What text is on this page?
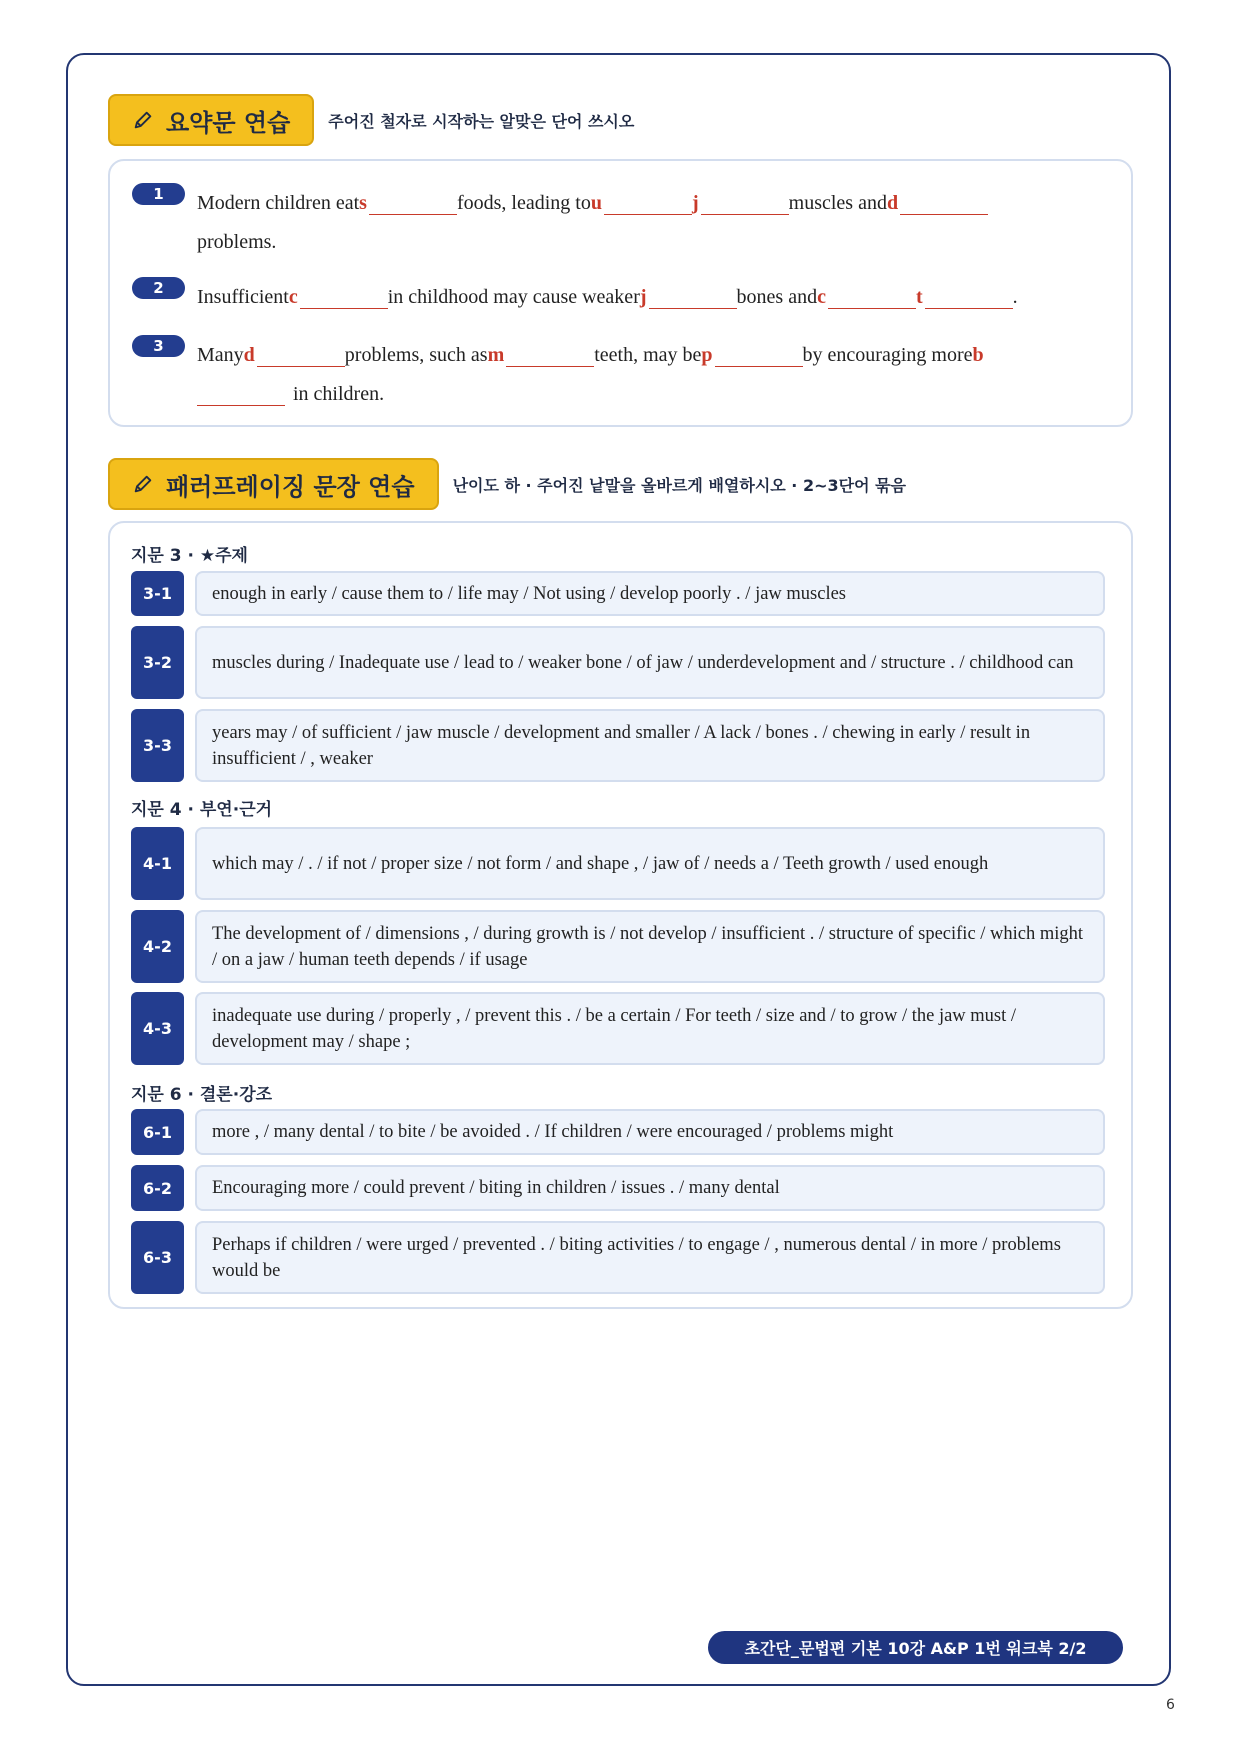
요약문 연습 주어진 철자로 시작하는 알맞은 단어 쓰시오
1	Modern children eat s	foods, leading to u	j	muscles and d
problems.
2	Insufficient c	in childhood may cause weaker j	bones and c	t	.
3	Many d	problems, such as m	teeth, may be p	by encouraging more b
in children.
패러프레이징 문장 연습 난이도 하 · 주어진 낱말을 올바르게 배열하시오 · 2~3단어 묶음
지문 3 · ★주제
3-1	enough in early / cause them to / life may / Not using / develop poorly . / jaw muscles
3-2	muscles during / Inadequate use / lead to / weaker bone / of jaw / underdevelopment and / structure . / childhood can
3-3
years may / of sufficient / jaw muscle / development and smaller / A lack / bones . / chewing in early / result in insufficient / , weaker
지문 4 · 부연·근거
4-1	which may / . / if not / proper size / not form / and shape , / jaw of / needs a / Teeth growth / used enough
4-2
The development of / dimensions , / during growth is / not develop / insufficient . / structure of specific / which might / on a jaw / human teeth depends / if usage
4-3
inadequate use during / properly , / prevent this . / be a certain / For teeth / size and / to grow / the jaw must / development may / shape ;
지문 6 · 결론·강조
6-1	more , / many dental / to bite / be avoided . / If children / were encouraged / problems might
6-2	Encouraging more / could prevent / biting in children / issues . / many dental
6-3
Perhaps if children / were urged / prevented . / biting activities / to engage / , numerous dental / in more / problems would be
초간단_문법편 기본 10강 A&P 1번 워크북 2/2
6
